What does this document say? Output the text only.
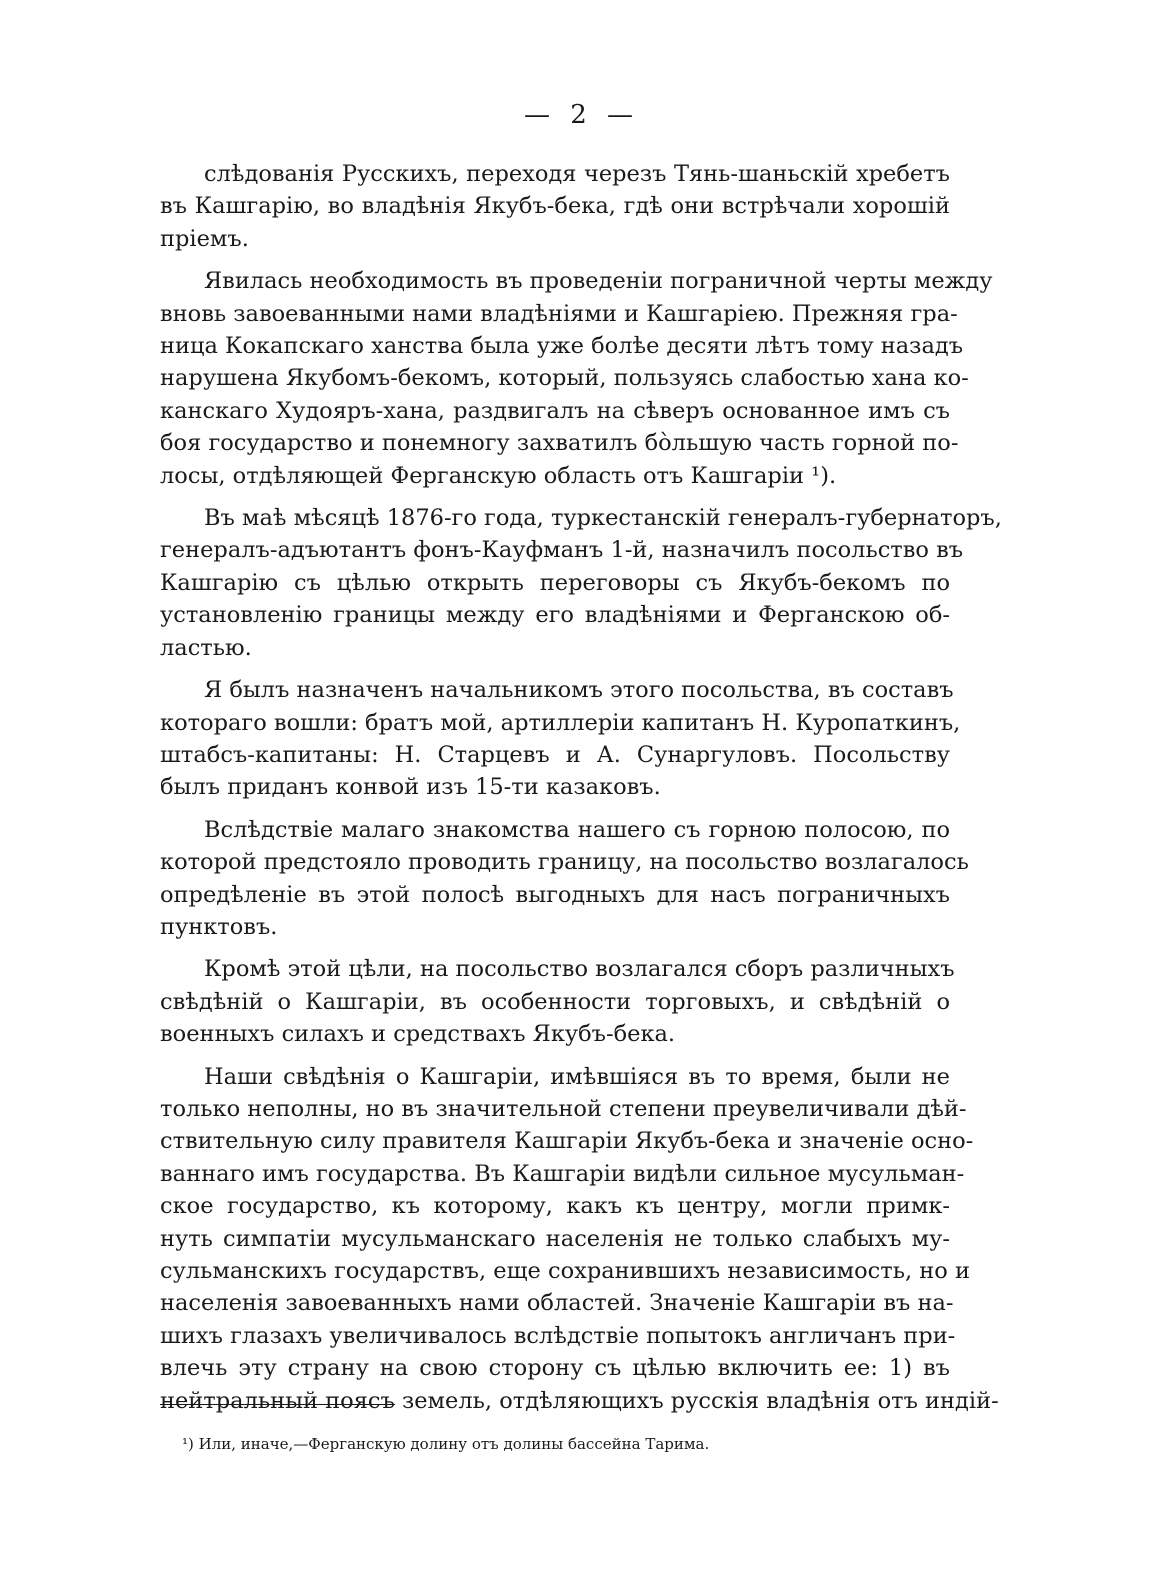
— 2 —
слѣдованія Русскихъ, переходя черезъ Тянь-шаньскій хребетъ
въ Кашгарію, во владѣнія Якубъ-бека, гдѣ они встрѣчали хорошій
пріемъ.
Явилась необходимость въ проведеніи пограничной черты между
вновь завоеванными нами владѣніями и Кашгаріею. Прежняя гра-
ница Кокапскаго ханства была уже болѣе десяти лѣтъ тому назадъ
нарушена Якубомъ-бекомъ, который, пользуясь слабостью хана ко-
канскаго Худояръ-хана, раздвигалъ на сѣверъ основанное имъ съ
боя государство и понемногу захватилъ бо̀льшую часть горной по-
лосы, отдѣляющей Ферганскую область отъ Кашгаріи ¹).
Въ маѣ мѣсяцѣ 1876-го года, туркестанскій генералъ-губернаторъ,
генералъ-адъютантъ фонъ-Кауфманъ 1-й, назначилъ посольство въ
Кашгарію съ цѣлью открыть переговоры съ Якубъ-бекомъ по
установленію границы между его владѣніями и Ферганскою об-
ластью.
Я былъ назначенъ начальникомъ этого посольства, въ составъ
котораго вошли: братъ мой, артиллеріи капитанъ Н. Куропаткинъ,
штабсъ-капитаны: Н. Старцевъ и А. Сунаргуловъ. Посольству
былъ приданъ конвой изъ 15-ти казаковъ.
Вслѣдствіе малаго знакомства нашего съ горною полосою, по
которой предстояло проводить границу, на посольство возлагалось
опредѣленіе въ этой полосѣ выгодныхъ для насъ пограничныхъ
пунктовъ.
Кромѣ этой цѣли, на посольство возлагался сборъ различныхъ
свѣдѣній о Кашгаріи, въ особенности торговыхъ, и свѣдѣній о
военныхъ силахъ и средствахъ Якубъ-бека.
Наши свѣдѣнія о Кашгаріи, имѣвшіяся въ то время, были не
только неполны, но въ значительной степени преувеличивали дѣй-
ствительную силу правителя Кашгаріи Якубъ-бека и значеніе осно-
ваннаго имъ государства. Въ Кашгаріи видѣли сильное мусульман-
ское государство, къ которому, какъ къ центру, могли примк-
нуть симпатіи мусульманскаго населенія не только слабыхъ му-
сульманскихъ государствъ, еще сохранившихъ независимость, но и
населенія завоеванныхъ нами областей. Значеніе Кашгаріи въ на-
шихъ глазахъ увеличивалось вслѣдствіе попытокъ англичанъ при-
влечь эту страну на свою сторону съ цѣлью включить ее: 1) въ
нейтральный поясъ земель, отдѣляющихъ русскія владѣнія отъ индій-
¹) Или, иначе,—Ферганскую долину отъ долины бассейна Тарима.
